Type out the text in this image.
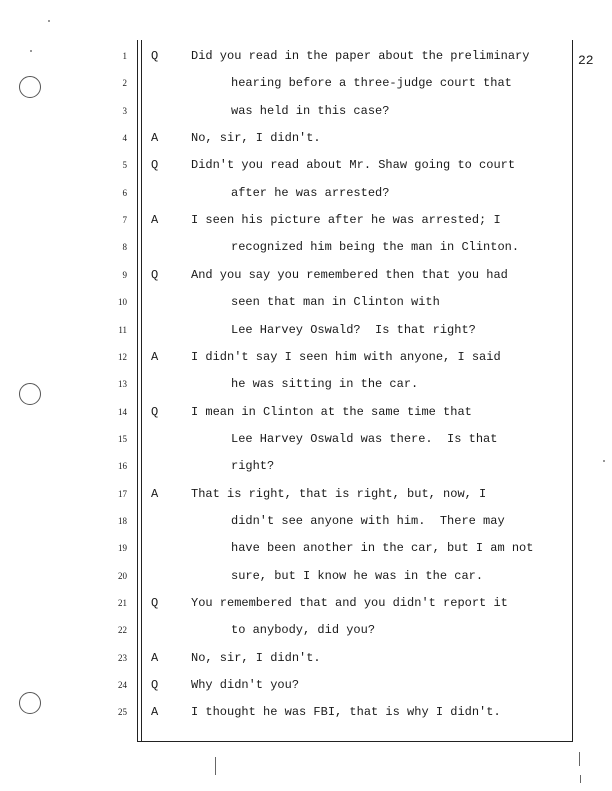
22
1 Q	Did you read in the paper about the preliminary
2	hearing before a three-judge court that
3	was held in this case?
4 A	No, sir, I didn't.
5 Q	Didn't you read about Mr. Shaw going to court
6	after he was arrested?
7 A	I seen his picture after he was arrested; I
8	recognized him being the man in Clinton.
9 Q	And you say you remembered then that you had
10	seen that man in Clinton with
11	Lee Harvey Oswald?  Is that right?
12 A	I didn't say I seen him with anyone, I said
13	he was sitting in the car.
14 Q	I mean in Clinton at the same time that
15	Lee Harvey Oswald was there.  Is that
16	right?
17 A	That is right, that is right, but, now, I
18	didn't see anyone with him.  There may
19	have been another in the car, but I am not
20	sure, but I know he was in the car.
21 Q	You remembered that and you didn't report it
22	to anybody, did you?
23 A	No, sir, I didn't.
24 Q	Why didn't you?
25 A	I thought he was FBI, that is why I didn't.
